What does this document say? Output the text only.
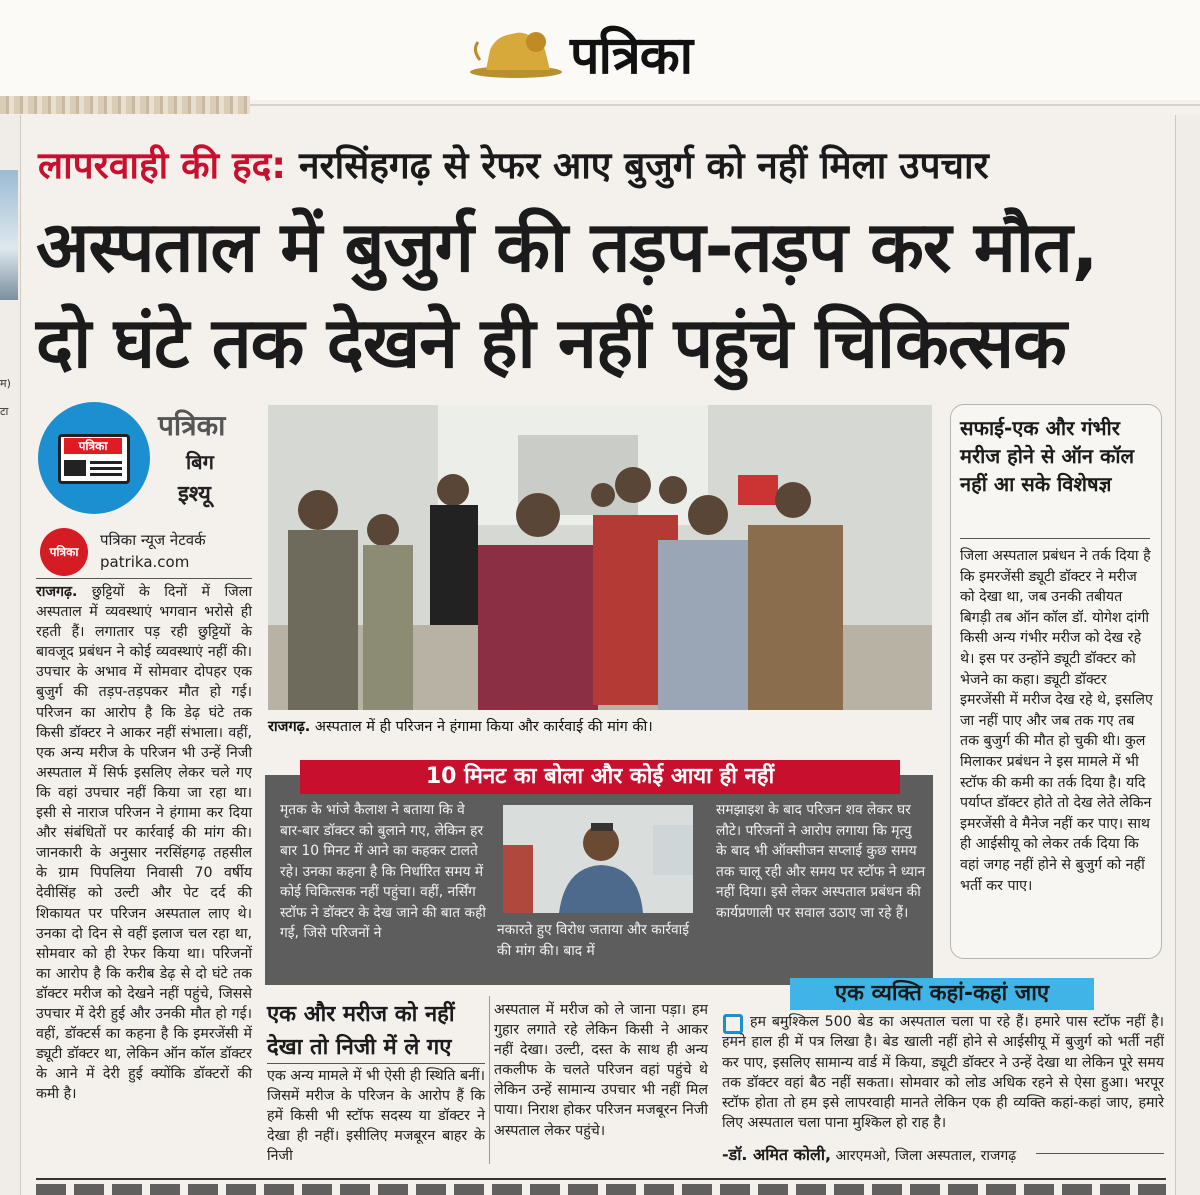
पत्रिका
म)
टा
लापरवाही की हद: नरसिंहगढ़ से रेफर आए बुजुर्ग को नहीं मिला उपचार
अस्पताल में बुजुर्ग की तड़प-तड़प कर मौत,
दो घंटे तक देखने ही नहीं पहुंचे चिकित्सक
पत्रिका
पत्रिका
बिग
इश्यू
पत्रिका
पत्रिका न्यूज नेटवर्क
patrika.com
राजगढ़. छुट्टियों के दिनों में जिला अस्पताल में व्यवस्थाएं भगवान भरोसे ही रहती हैं। लगातार पड़ रही छुट्टियों के बावजूद प्रबंधन ने कोई व्यवस्थाएं नहीं की। उपचार के अभाव में सोमवार दोपहर एक बुजुर्ग की तड़प-तड़पकर मौत हो गई। परिजन का आरोप है कि डेढ़ घंटे तक किसी डॉक्टर ने आकर नहीं संभाला। वहीं, एक अन्य मरीज के परिजन भी उन्हें निजी अस्पताल में सिर्फ इसलिए लेकर चले गए कि वहां उपचार नहीं किया जा रहा था। इसी से नाराज परिजन ने हंगामा कर दिया और संबंधितों पर कार्रवाई की मांग की। जानकारी के अनुसार नरसिंहगढ़ तहसील के ग्राम पिपलिया निवासी 70 वर्षीय देवीसिंह को उल्टी और पेट दर्द की शिकायत पर परिजन अस्पताल लाए थे। उनका दो दिन से वहीं इलाज चल रहा था, सोमवार को ही रेफर किया था। परिजनों का आरोप है कि करीब डेढ़ से दो घंटे तक डॉक्टर मरीज को देखने नहीं पहुंचे, जिससे उपचार में देरी हुई और उनकी मौत हो गई। वहीं, डॉक्टर्स का कहना है कि इमरजेंसी में ड्यूटी डॉक्टर था, लेकिन ऑन कॉल डॉक्टर के आने में देरी हुई क्योंकि डॉक्टरों की कमी है।
राजगढ़. अस्पताल में ही परिजन ने हंगामा किया और कार्रवाई की मांग की।
10 मिनट का बोला और कोई आया ही नहीं
मृतक के भांजे कैलाश ने बताया कि वे बार-बार डॉक्टर को बुलाने गए, लेकिन हर बार 10 मिनट में आने का कहकर टालते रहे। उनका कहना है कि निर्धारित समय में कोई चिकित्सक नहीं पहुंचा। वहीं, नर्सिंग स्टॉफ ने डॉक्टर के देख जाने की बात कही गई, जिसे परिजनों ने	नकारते हुए विरोध जताया और कार्रवाई की मांग की। बाद में
समझाइश के बाद परिजन शव लेकर घर लौटे। परिजनों ने आरोप लगाया कि मृत्यु के बाद भी ऑक्सीजन सप्लाई कुछ समय तक चालू रही और समय पर स्टॉफ ने ध्यान नहीं दिया। इसे लेकर अस्पताल प्रबंधन की कार्यप्रणाली पर सवाल उठाए जा रहे हैं।
सफाई-एक और गंभीर मरीज होने से ऑन कॉल नहीं आ सके विशेषज्ञ
जिला अस्पताल प्रबंधन ने तर्क दिया है कि इमरजेंसी ड्यूटी डॉक्टर ने मरीज को देखा था, जब उनकी तबीयत बिगड़ी तब ऑन कॉल डॉ. योगेश दांगी किसी अन्य गंभीर मरीज को देख रहे थे। इस पर उन्होंने ड्यूटी डॉक्टर को भेजने का कहा। ड्यूटी डॉक्टर इमरजेंसी में मरीज देख रहे थे, इसलिए जा नहीं पाए और जब तक गए तब तक बुजुर्ग की मौत हो चुकी थी। कुल मिलाकर प्रबंधन ने इस मामले में भी स्टॉफ की कमी का तर्क दिया है। यदि पर्याप्त डॉक्टर होते तो देख लेते लेकिन इमरजेंसी वे मैनेज नहीं कर पाए। साथ ही आईसीयू को लेकर तर्क दिया कि वहां जगह नहीं होने से बुजुर्ग को नहीं भर्ती कर पाए।
एक और मरीज को नहीं देखा तो निजी में ले गए
एक अन्य मामले में भी ऐसी ही स्थिति बनीं। जिसमें मरीज के परिजन के आरोप हैं कि हमें किसी भी स्टॉफ सदस्य या डॉक्टर ने देखा ही नहीं। इसीलिए मजबूरन बाहर के निजी
अस्पताल में मरीज को ले जाना पड़ा। हम गुहार लगाते रहे लेकिन किसी ने आकर नहीं देखा। उल्टी, दस्त के साथ ही अन्य तकलीफ के चलते परिजन वहां पहुंचे थे लेकिन उन्हें सामान्य उपचार भी नहीं मिल पाया। निराश होकर परिजन मजबूरन निजी अस्पताल लेकर पहुंचे।
एक व्यक्ति कहां-कहां जाए
हम बमुश्किल 500 बेड का अस्पताल चला पा रहे हैं। हमारे पास स्टॉफ नहीं है। हमने हाल ही में पत्र लिखा है। बेड खाली नहीं होने से आईसीयू में बुजुर्ग को भर्ती नहीं कर पाए, इसलिए सामान्य वार्ड में किया, ड्यूटी डॉक्टर ने उन्हें देखा था लेकिन पूरे समय तक डॉक्टर वहां बैठ नहीं सकता। सोमवार को लोड अधिक रहने से ऐसा हुआ। भरपूर स्टॉफ होता तो हम इसे लापरवाही मानते लेकिन एक ही व्यक्ति कहां-कहां जाए, हमारे लिए अस्पताल चला पाना मुश्किल हो राह है।
-डॉ. अमित कोली, आरएमओ, जिला अस्पताल, राजगढ़
